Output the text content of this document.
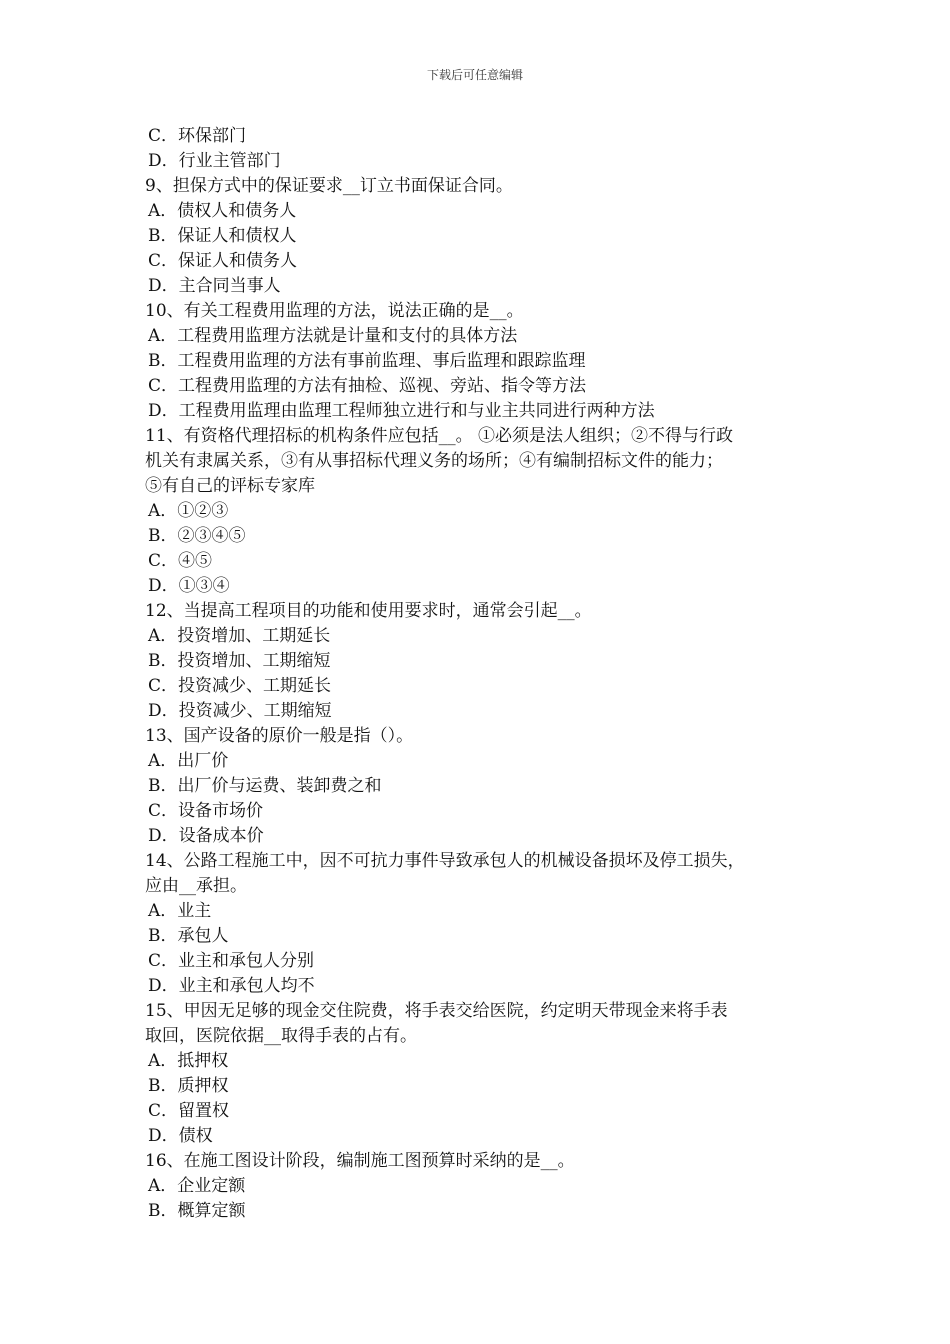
下载后可任意编辑
C．环保部门
D．行业主管部门
9、担保方式中的保证要求__订立书面保证合同。
A．债权人和债务人
B．保证人和债权人
C．保证人和债务人
D．主合同当事人
10、有关工程费用监理的方法，说法正确的是__。
A．工程费用监理方法就是计量和支付的具体方法
B．工程费用监理的方法有事前监理、事后监理和跟踪监理
C．工程费用监理的方法有抽检、巡视、旁站、指令等方法
D．工程费用监理由监理工程师独立进行和与业主共同进行两种方法
11、有资格代理招标的机构条件应包括__。 ①必须是法人组织；②不得与行政
机关有隶属关系，③有从事招标代理义务的场所；④有编制招标文件的能力；
⑤有自己的评标专家库
A．①②③
B．②③④⑤
C．④⑤
D．①③④
12、当提高工程项目的功能和使用要求时，通常会引起__。
A．投资增加、工期延长
B．投资增加、工期缩短
C．投资减少、工期延长
D．投资减少、工期缩短
13、国产设备的原价一般是指（）。
A．出厂价
B．出厂价与运费、装卸费之和
C．设备市场价
D．设备成本价
14、公路工程施工中，因不可抗力事件导致承包人的机械设备损坏及停工损失，
应由__承担。
A．业主
B．承包人
C．业主和承包人分别
D．业主和承包人均不
15、甲因无足够的现金交住院费，将手表交给医院，约定明天带现金来将手表
取回，医院依据__取得手表的占有。
A．抵押权
B．质押权
C．留置权
D．债权
16、在施工图设计阶段，编制施工图预算时采纳的是__。
A．企业定额
B．概算定额
